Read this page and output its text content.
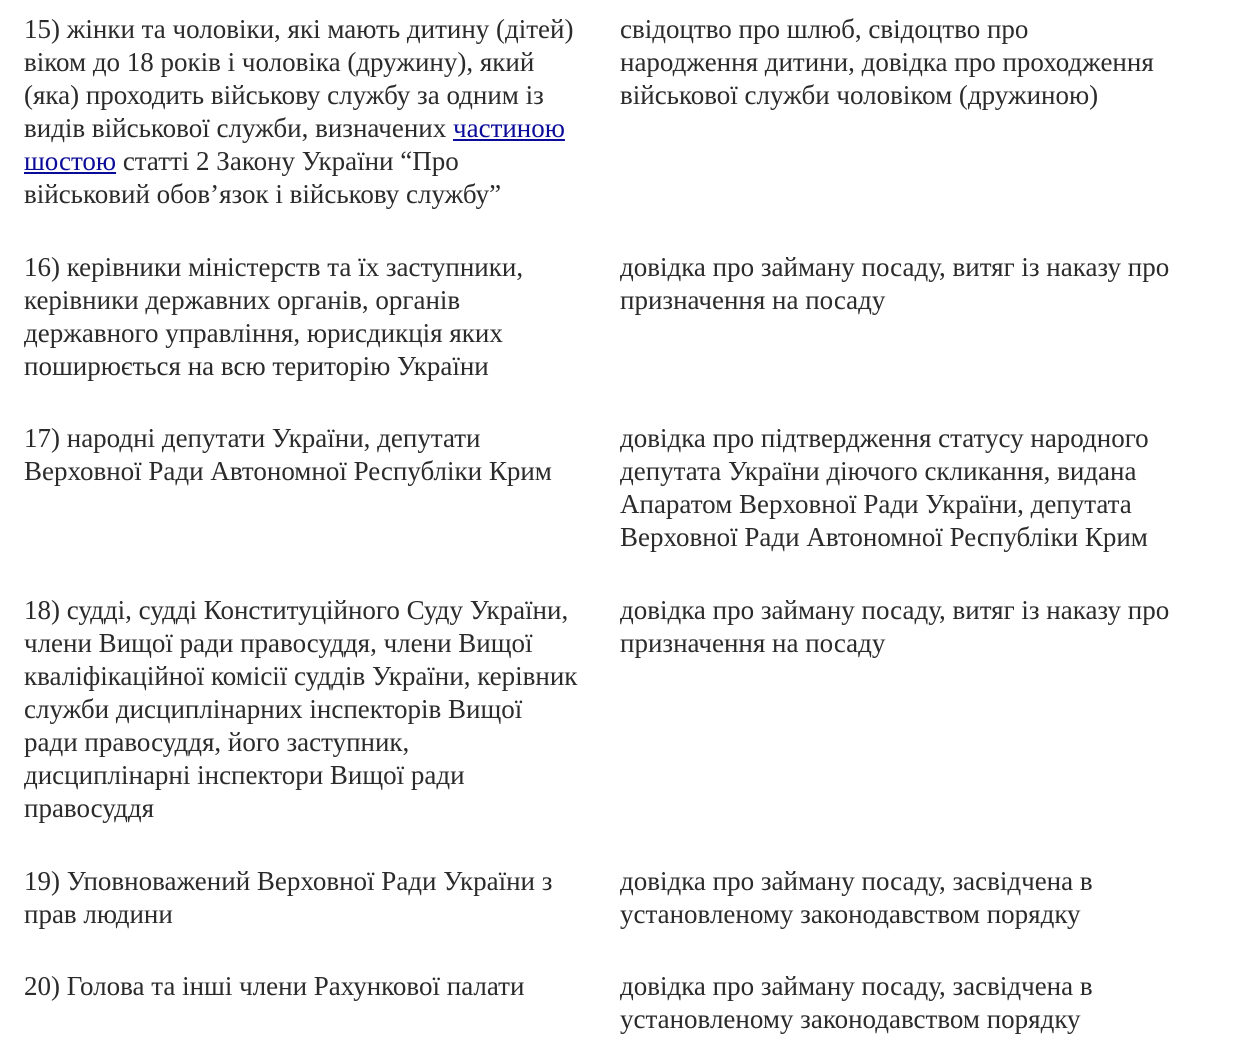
15) жінки та чоловіки, які мають дитину (дітей)
віком до 18 років і чоловіка (дружину), який
(яка) проходить військову службу за одним із
видів військової служби, визначених частиною
шостою статті 2 Закону України “Про
військовий обов’язок і військову службу”
свідоцтво про шлюб, свідоцтво про
народження дитини, довідка про проходження
військової служби чоловіком (дружиною)
16) керівники міністерств та їх заступники,
керівники державних органів, органів
державного управління, юрисдикція яких
поширюється на всю територію України
довідка про займану посаду, витяг із наказу про
призначення на посаду
17) народні депутати України, депутати
Верховної Ради Автономної Республіки Крим
довідка про підтвердження статусу народного
депутата України діючого скликання, видана
Апаратом Верховної Ради України, депутата
Верховної Ради Автономної Республіки Крим
18) судді, судді Конституційного Суду України,
члени Вищої ради правосуддя, члени Вищої
кваліфікаційної комісії суддів України, керівник
служби дисциплінарних інспекторів Вищої
ради правосуддя, його заступник,
дисциплінарні інспектори Вищої ради
правосуддя
довідка про займану посаду, витяг із наказу про
призначення на посаду
19) Уповноважений Верховної Ради України з
прав людини
довідка про займану посаду, засвідчена в
установленому законодавством порядку
20) Голова та інші члени Рахункової палати	довідка про займану посаду, засвідчена в
установленому законодавством порядку
